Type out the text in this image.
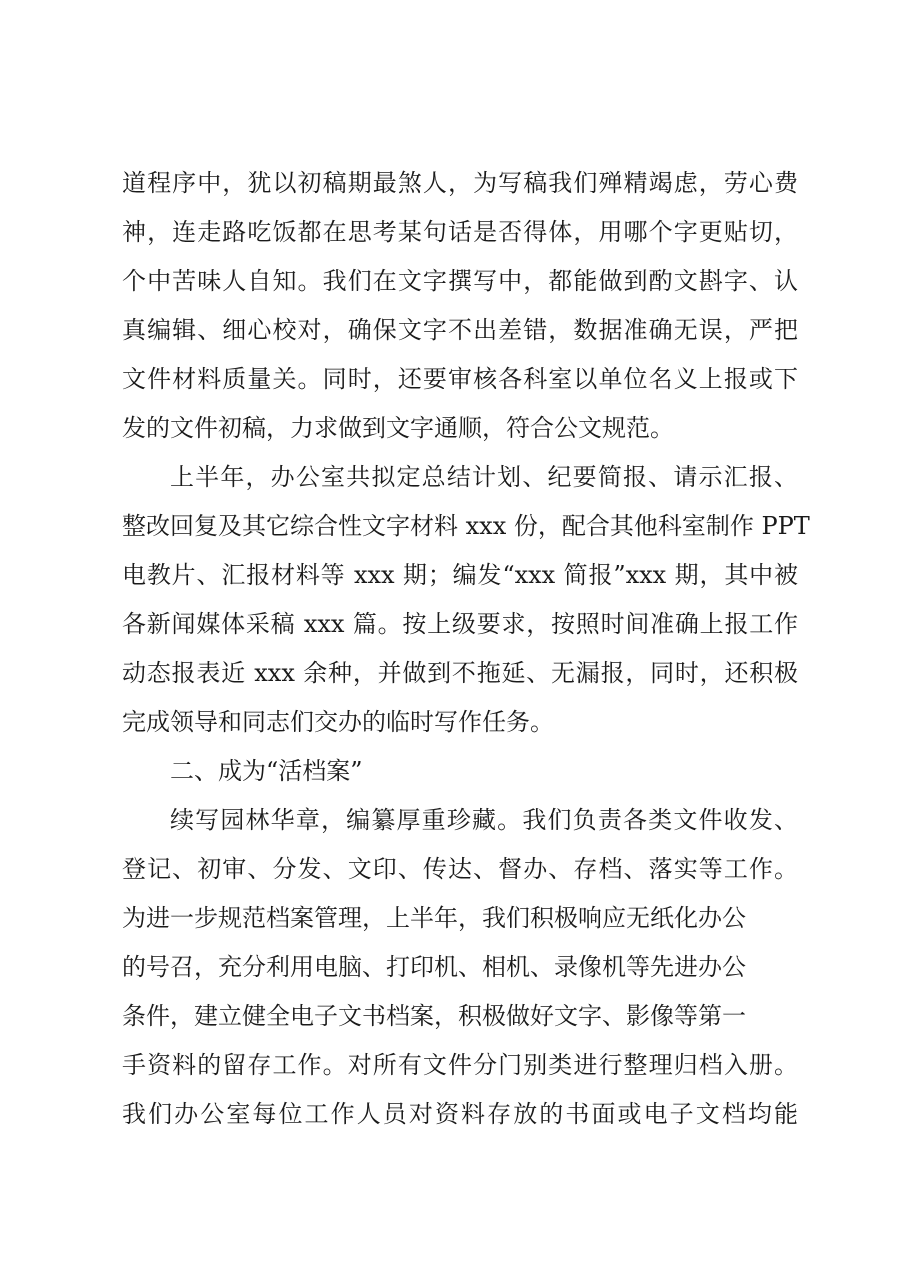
道程序中，犹以初稿期最煞人，为写稿我们殚精竭虑，劳心费
神，连走路吃饭都在思考某句话是否得体，用哪个字更贴切，
个中苦味人自知。我们在文字撰写中，都能做到酌文斟字、认
真编辑、细心校对，确保文字不出差错，数据准确无误，严把
文件材料质量关。同时，还要审核各科室以单位名义上报或下
发的文件初稿，力求做到文字通顺，符合公文规范。
上半年，办公室共拟定总结计划、纪要简报、请示汇报、
整改回复及其它综合性文字材料 xxx 份，配合其他科室制作 PPT
电教片、汇报材料等 xxx 期；编发“xxx 简报”xxx 期，其中被
各新闻媒体采稿 xxx 篇。按上级要求，按照时间准确上报工作
动态报表近 xxx 余种，并做到不拖延、无漏报，同时，还积极
完成领导和同志们交办的临时写作任务。
二、成为“活档案”
续写园林华章，编纂厚重珍藏。我们负责各类文件收发、
登记、初审、分发、文印、传达、督办、存档、落实等工作。
为进一步规范档案管理，上半年，我们积极响应无纸化办公
的号召，充分利用电脑、打印机、相机、录像机等先进办公
条件，建立健全电子文书档案，积极做好文字、影像等第一
手资料的留存工作。对所有文件分门别类进行整理归档入册。
我们办公室每位工作人员对资料存放的书面或电子文档均能
